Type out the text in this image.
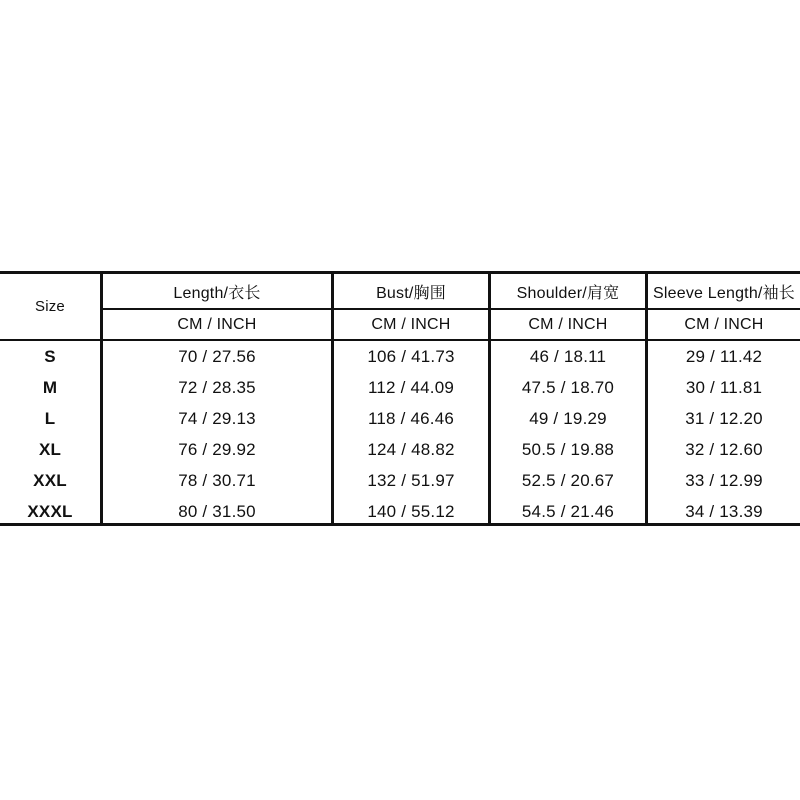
Size
Length/衣长	Bust/胸围	Shoulder/肩宽	Sleeve Length/袖长
CM / INCH	CM / INCH	CM / INCH	CM / INCH
S	70 / 27.56	106 / 41.73	46 / 18.11	29 / 11.42
M	72 / 28.35	112 / 44.09	47.5 / 18.70	30 / 11.81
L	74 / 29.13	118 / 46.46	49 / 19.29	31 / 12.20
XL	76 / 29.92	124 / 48.82	50.5 / 19.88	32 / 12.60
XXL	78 / 30.71	132 / 51.97	52.5 / 20.67	33 / 12.99
XXXL	80 / 31.50	140 / 55.12	54.5 / 21.46	34 / 13.39
